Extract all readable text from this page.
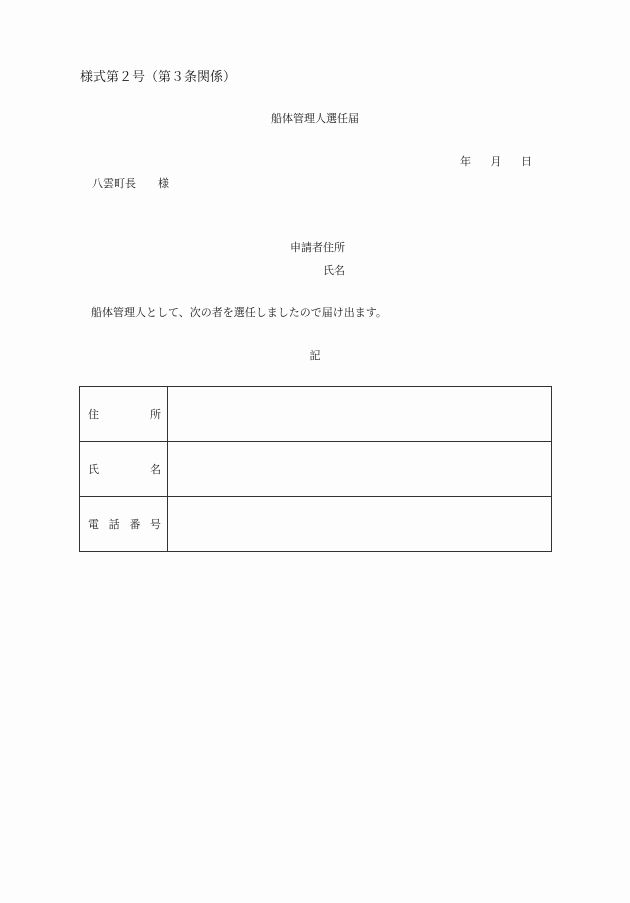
様式第２号（第３条関係）
船体管理人選任届
年 月 日
八雲町長 様
申請者住所
氏名
船体管理人として、次の者を選任しましたので届け出ます。
記
住 所	

氏 名	

電 話 番 号	
